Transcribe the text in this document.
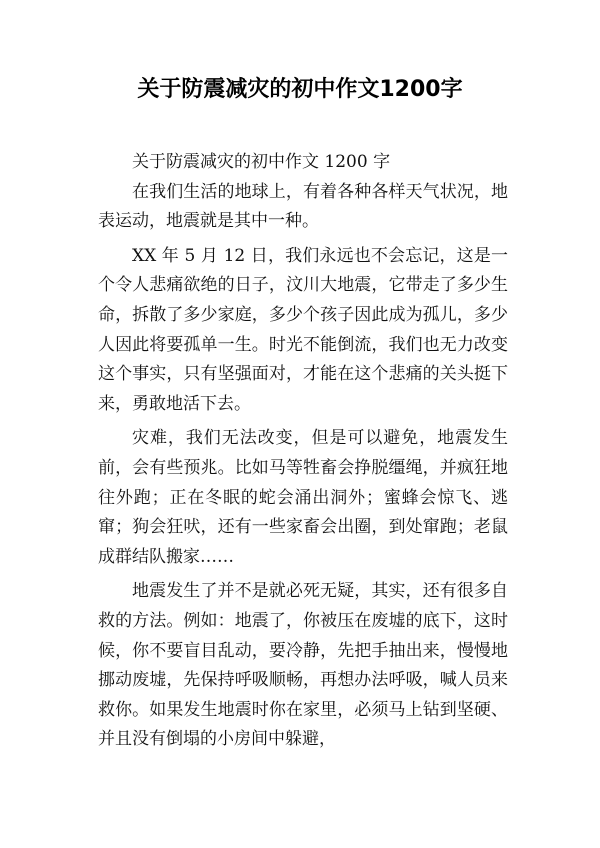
关于防震减灾的初中作文1200字

关于防震减灾的初中作文 1200 字

在我们生活的地球上，有着各种各样天气状况，地表运动，地震就是其中一种。

XX 年 5 月 12 日，我们永远也不会忘记，这是一个令人悲痛欲绝的日子，汶川大地震，它带走了多少生命，拆散了多少家庭，多少个孩子因此成为孤儿，多少人因此将要孤单一生。时光不能倒流，我们也无力改变这个事实，只有坚强面对，才能在这个悲痛的关头挺下来，勇敢地活下去。

灾难，我们无法改变，但是可以避免，地震发生前，会有些预兆。比如马等牲畜会挣脱缰绳，并疯狂地往外跑；正在冬眠的蛇会涌出洞外；蜜蜂会惊飞、逃窜；狗会狂吠，还有一些家畜会出圈，到处窜跑；老鼠成群结队搬家……

地震发生了并不是就必死无疑，其实，还有很多自救的方法。例如：地震了，你被压在废墟的底下，这时候，你不要盲目乱动，要冷静，先把手抽出来，慢慢地挪动废墟，先保持呼吸顺畅，再想办法呼吸，喊人员来救你。如果发生地震时你在家里，必须马上钻到坚硬、并且没有倒塌的小房间中躲避，
